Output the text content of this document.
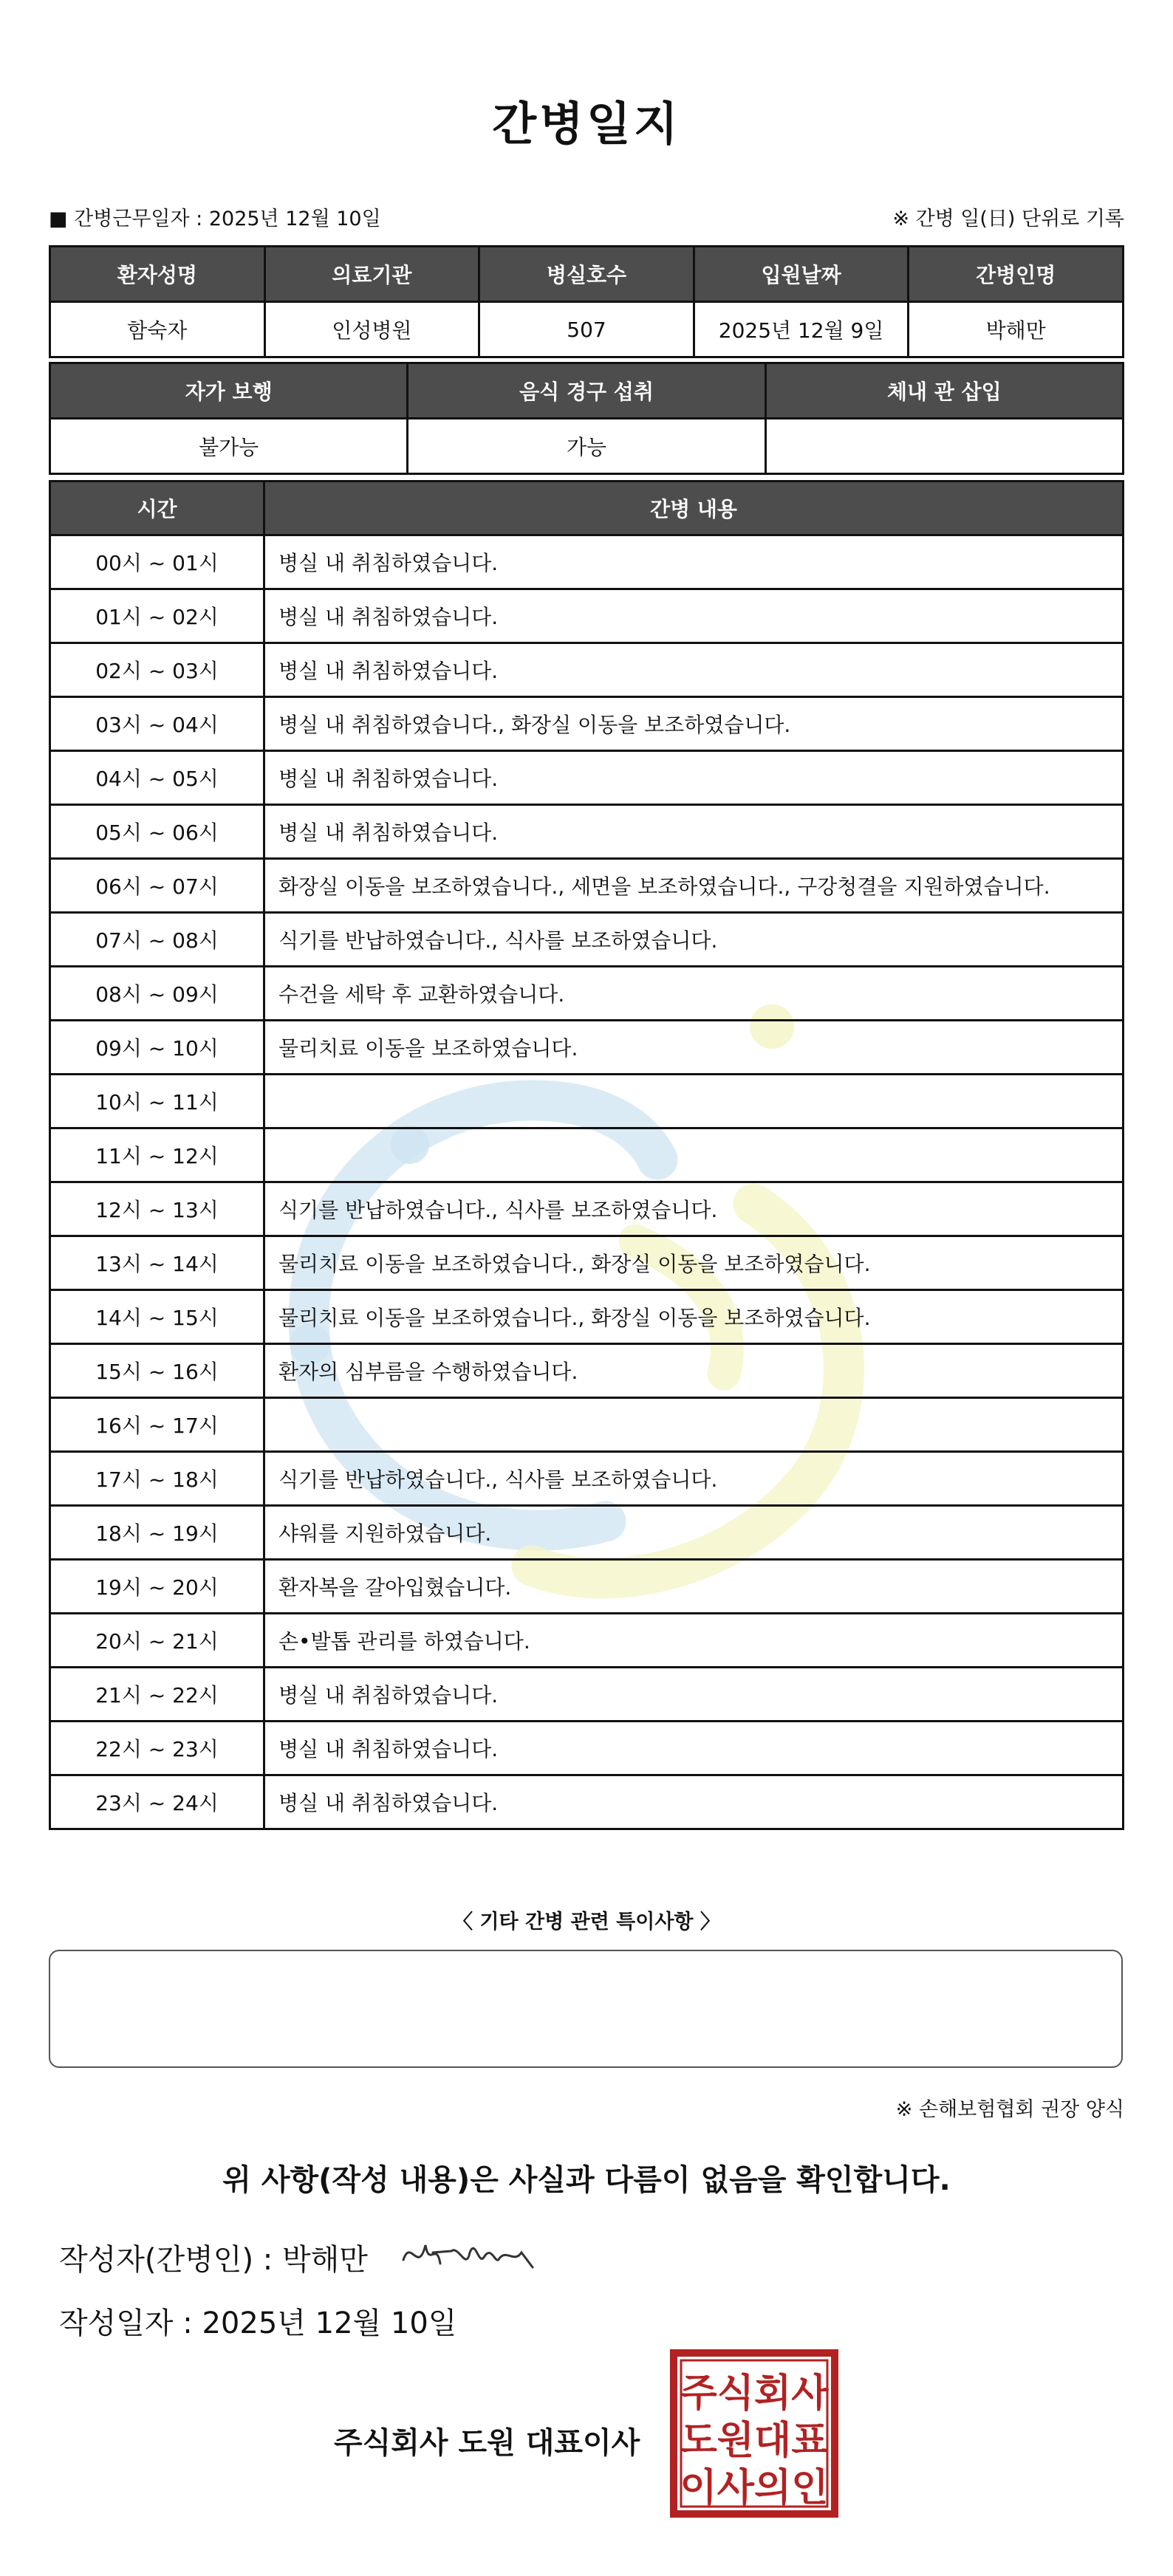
간병일지
■ 간병근무일자 : 2025년 12월 10일	※ 간병 일(日) 단위로 기록
환자성명	의료기관	병실호수	입원날짜	간병인명
함숙자	인성병원	507	2025년 12월 9일	박해만
자가 보행	음식 경구 섭취	체내 관 삽입
불가능	가능	
시간	간병 내용
00시 ~ 01시	병실 내 취침하였습니다.
01시 ~ 02시	병실 내 취침하였습니다.
02시 ~ 03시	병실 내 취침하였습니다.
03시 ~ 04시	병실 내 취침하였습니다., 화장실 이동을 보조하였습니다.
04시 ~ 05시	병실 내 취침하였습니다.
05시 ~ 06시	병실 내 취침하였습니다.
06시 ~ 07시	화장실 이동을 보조하였습니다., 세면을 보조하였습니다., 구강청결을 지원하였습니다.
07시 ~ 08시	식기를 반납하였습니다., 식사를 보조하였습니다.
08시 ~ 09시	수건을 세탁 후 교환하였습니다.
09시 ~ 10시	물리치료 이동을 보조하였습니다.
10시 ~ 11시	
11시 ~ 12시	
12시 ~ 13시	식기를 반납하였습니다., 식사를 보조하였습니다.
13시 ~ 14시	물리치료 이동을 보조하였습니다., 화장실 이동을 보조하였습니다.
14시 ~ 15시	물리치료 이동을 보조하였습니다., 화장실 이동을 보조하였습니다.
15시 ~ 16시	환자의 심부름을 수행하였습니다.
16시 ~ 17시	
17시 ~ 18시	식기를 반납하였습니다., 식사를 보조하였습니다.
18시 ~ 19시	샤워를 지원하였습니다.
19시 ~ 20시	환자복을 갈아입혔습니다.
20시 ~ 21시	손•발톱 관리를 하였습니다.
21시 ~ 22시	병실 내 취침하였습니다.
22시 ~ 23시	병실 내 취침하였습니다.
23시 ~ 24시	병실 내 취침하였습니다.
〈 기타 간병 관련 특이사항 〉
※ 손해보험협회 권장 양식
위 사항(작성 내용)은 사실과 다름이 없음을 확인합니다.
작성자(간병인) : 박해만
작성일자 : 2025년 12월 10일
주식회사 도원 대표이사
주식회사
도원대표
이사의인
